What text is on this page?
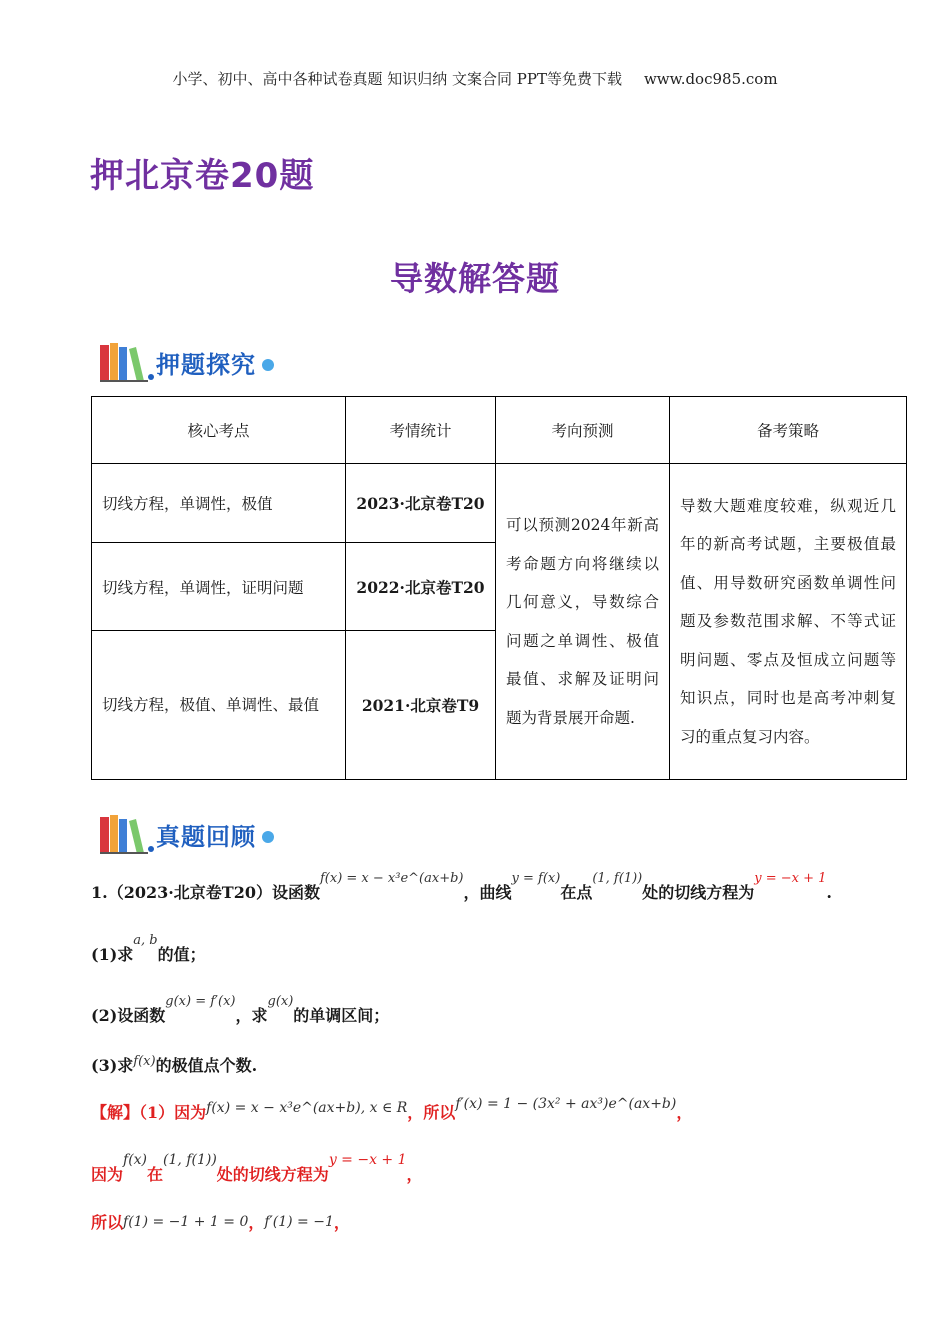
小学、初中、高中各种试卷真题 知识归纳 文案合同 PPT等免费下载 www.doc985.com
押北京卷20题
导数解答题
押题探究
核心考点	考情统计	考向预测	备考策略
切线方程，单调性，极值	2023·北京卷T20	可以预测2024年新高考命题方向将继续以几何意义，导数综合问题之单调性、极值最值、求解及证明问题为背景展开命题.	导数大题难度较难，纵观近几年的新高考试题，主要极值最值、用导数研究函数单调性问题及参数范围求解、不等式证明问题、零点及恒成立问题等知识点，同时也是高考冲刺复习的重点复习内容。
切线方程，单调性，证明问题	2022·北京卷T20		
切线方程，极值、单调性、最值	2021·北京卷T9		
真题回顾
1.（2023·北京卷T20）设函数$^{f(x) = x - x^3e\^{}(ax+b)}$，曲线$^{y = f(x)}$在点$^{(1, f(1))}$处的切线方程为$^{y = -x + 1}$.
(1)求$^{a, b}$的值；
(2)设函数$^{g(x) = f'(x)}$，求$^{g(x)}$的单调区间；
(3)求$^{f(x)}$的极值点个数.
【解】（1）因为f(x) = x − x³e^(ax+b), x ∈ R，所以f′(x) = 1 − (3x² + ax³)e^(ax+b)，
因为f(x)在(1, f(1))处的切线方程为y = −x + 1，
所以f(1) = −1 + 1 = 0，f′(1) = −1，
